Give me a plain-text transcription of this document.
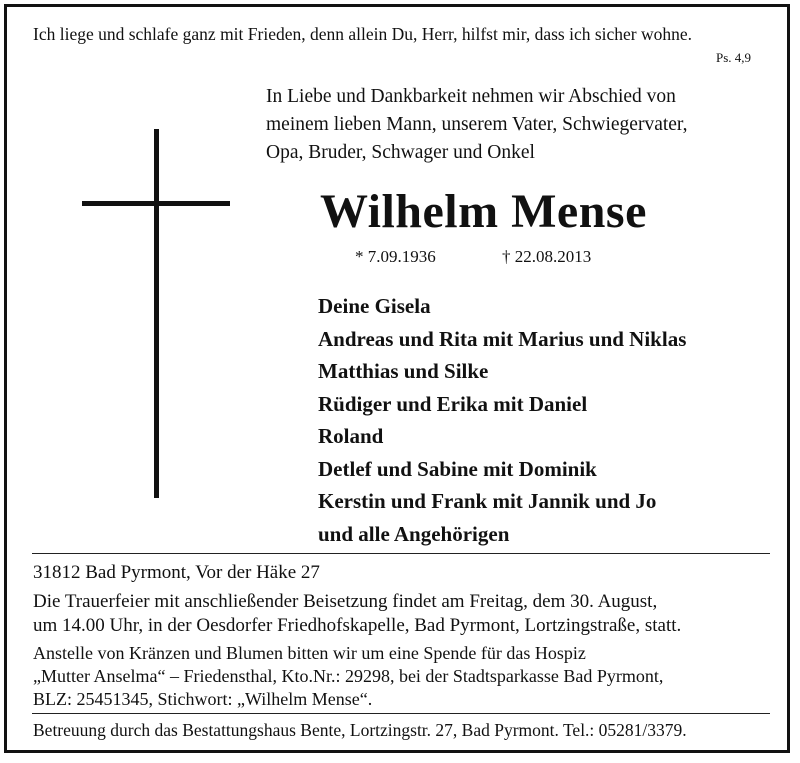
Ich liege und schlafe ganz mit Frieden, denn allein Du, Herr, hilfst mir, dass ich sicher wohne.
Ps. 4,9
In Liebe und Dankbarkeit nehmen wir Abschied von
meinem lieben Mann, unserem Vater, Schwiegervater,
Opa, Bruder, Schwager und Onkel
Wilhelm Mense
* 7.09.1936	† 22.08.2013
Deine Gisela
Andreas und Rita mit Marius und Niklas
Matthias und Silke
Rüdiger und Erika mit Daniel
Roland
Detlef und Sabine mit Dominik
Kerstin und Frank mit Jannik und Jo
und alle Angehörigen
31812 Bad Pyrmont, Vor der Häke 27
Die Trauerfeier mit anschließender Beisetzung findet am Freitag, dem 30. August,
um 14.00 Uhr, in der Oesdorfer Friedhofskapelle, Bad Pyrmont, Lortzingstraße, statt.
Anstelle von Kränzen und Blumen bitten wir um eine Spende für das Hospiz
„Mutter Anselma“ – Friedensthal, Kto.Nr.: 29298, bei der Stadtsparkasse Bad Pyrmont,
BLZ: 25451345, Stichwort: „Wilhelm Mense“.
Betreuung durch das Bestattungshaus Bente, Lortzingstr. 27, Bad Pyrmont. Tel.: 05281/3379.
